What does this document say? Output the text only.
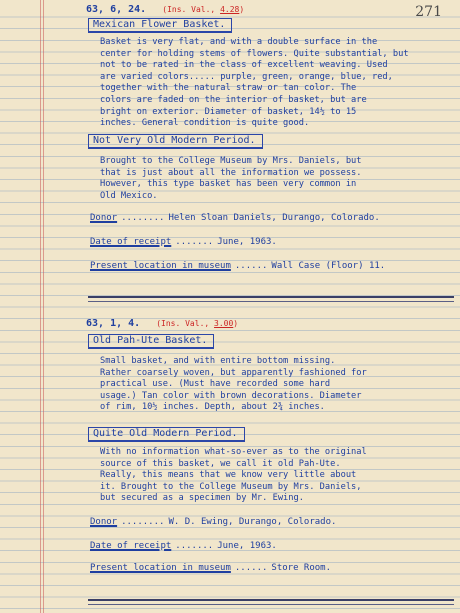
271
63, 6, 24. (Ins. Val., 4.28)
Mexican Flower Basket.
Basket is very flat, and with a double surface in the
center for holding stems of flowers. Quite substantial, but
not to be rated in the class of excellent weaving. Used
are varied colors..... purple, green, orange, blue, red,
together with the natural straw or tan color. The
colors are faded on the interior of basket, but are
bright on exterior. Diameter of basket, 14½ to 15
inches. General condition is quite good.
Not Very Old Modern Period.
Brought to the College Museum by Mrs. Daniels, but
that is just about all the information we possess.
However, this type basket has been very common in
Old Mexico.
Donor ........ Helen Sloan Daniels, Durango, Colorado.
Date of receipt ....... June, 1963.
Present location in museum ...... Wall Case (Floor) 11.
63, 1, 4. (Ins. Val., 3.00)
Old Pah-Ute Basket.
Small basket, and with entire bottom missing.
Rather coarsely woven, but apparently fashioned for
practical use. (Must have recorded some hard
usage.) Tan color with brown decorations. Diameter
of rim, 10½ inches. Depth, about 2¾ inches.
Quite Old Modern Period.
With no information what-so-ever as to the original
source of this basket, we call it old Pah-Ute.
Really, this means that we know very little about
it. Brought to the College Museum by Mrs. Daniels,
but secured as a specimen by Mr. Ewing.
Donor ........ W. D. Ewing, Durango, Colorado.
Date of receipt ....... June, 1963.
Present location in museum ...... Store Room.
